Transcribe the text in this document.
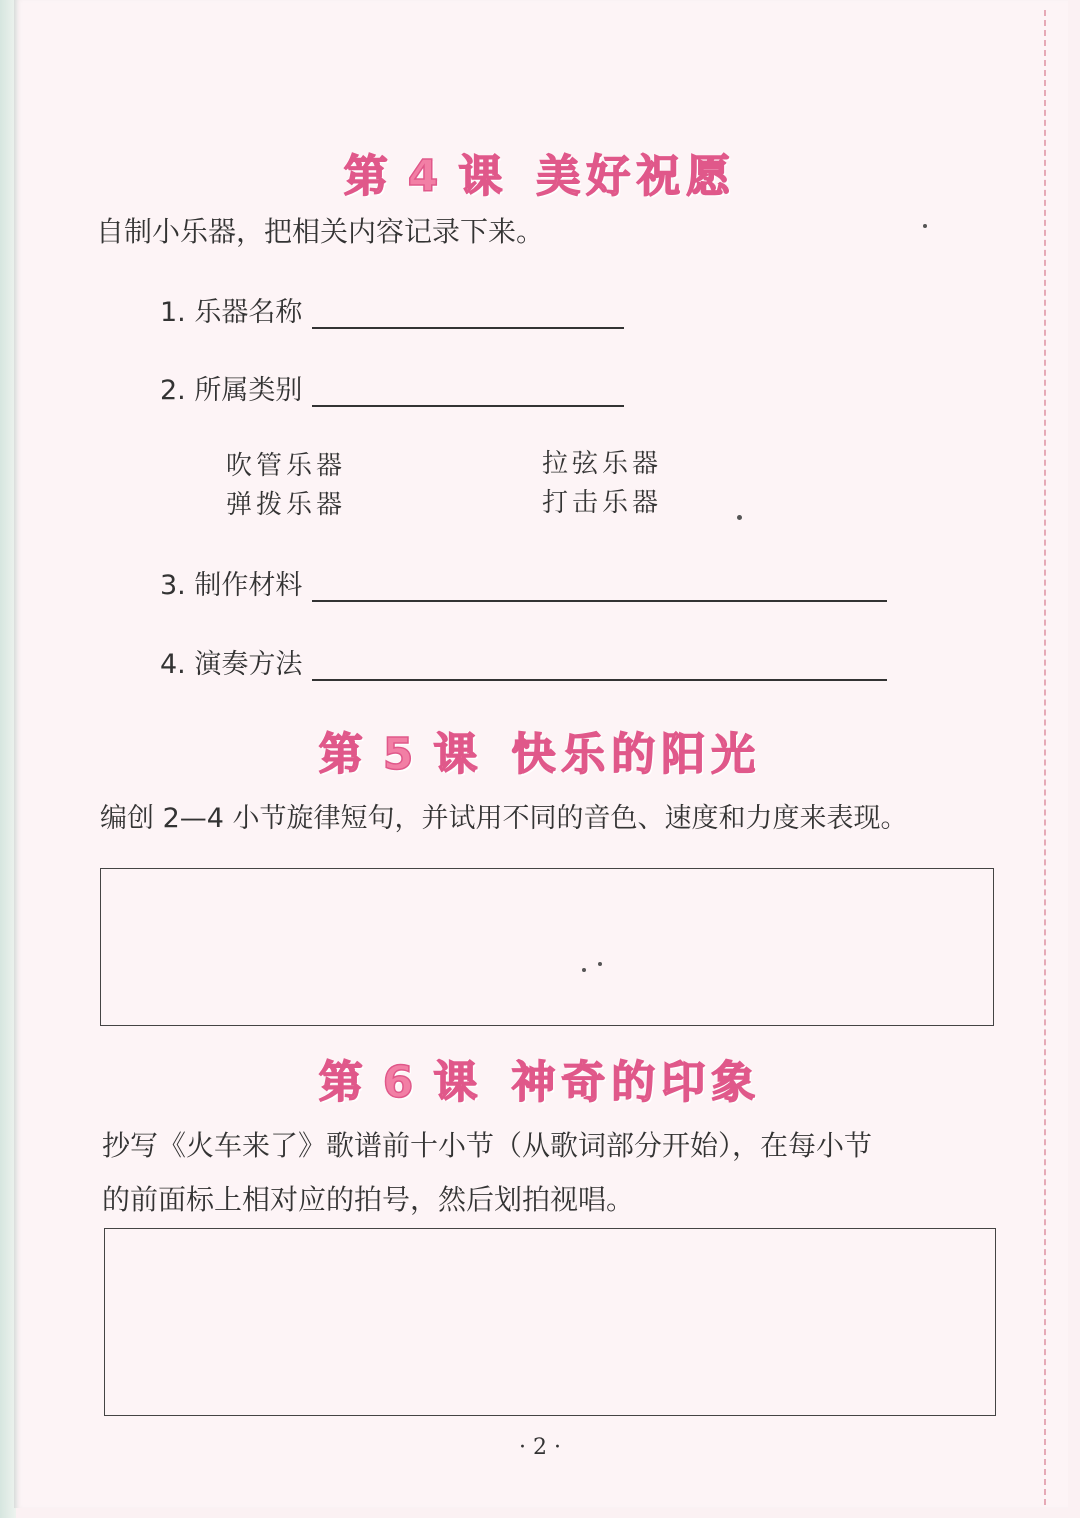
第 4 课 美好祝愿
自制小乐器，把相关内容记录下来。
1. 乐器名称
2. 所属类别
吹管乐器	拉弦乐器
弹拨乐器	打击乐器
3. 制作材料
4. 演奏方法
第 5 课 快乐的阳光
编创 2—4 小节旋律短句，并试用不同的音色、速度和力度来表现。
第 6 课 神奇的印象
抄写《火车来了》歌谱前十小节（从歌词部分开始），在每小节
的前面标上相对应的拍号，然后划拍视唱。
· 2 ·
